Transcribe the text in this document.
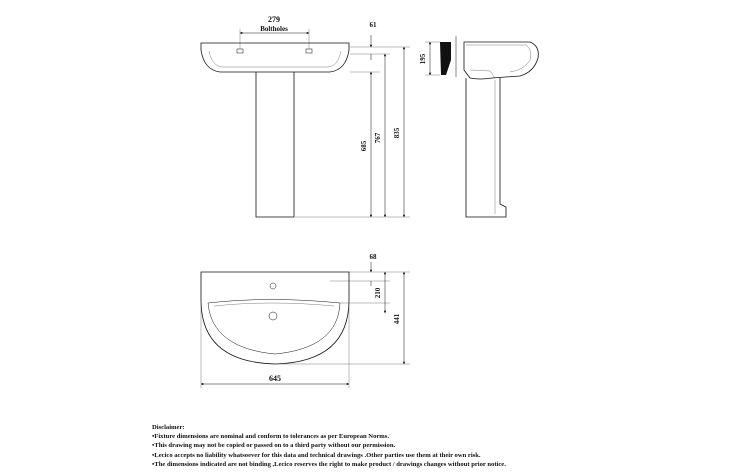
279
Boltholes	61
685
767 835
195
68
210
441
645
Disclaimer:
•Fixture dimensions are nominal and conform to tolerances as per European Norms.
•This drawing may not be copied or passed on to a third party without our permission.
•Lecico accepts no liability whatsoever for this data and technical drawings .Other parties use them at their own risk.
•The dimensions indicated are not binding ,Lecico reserves the right to make product / drawings changes without prior notice.
